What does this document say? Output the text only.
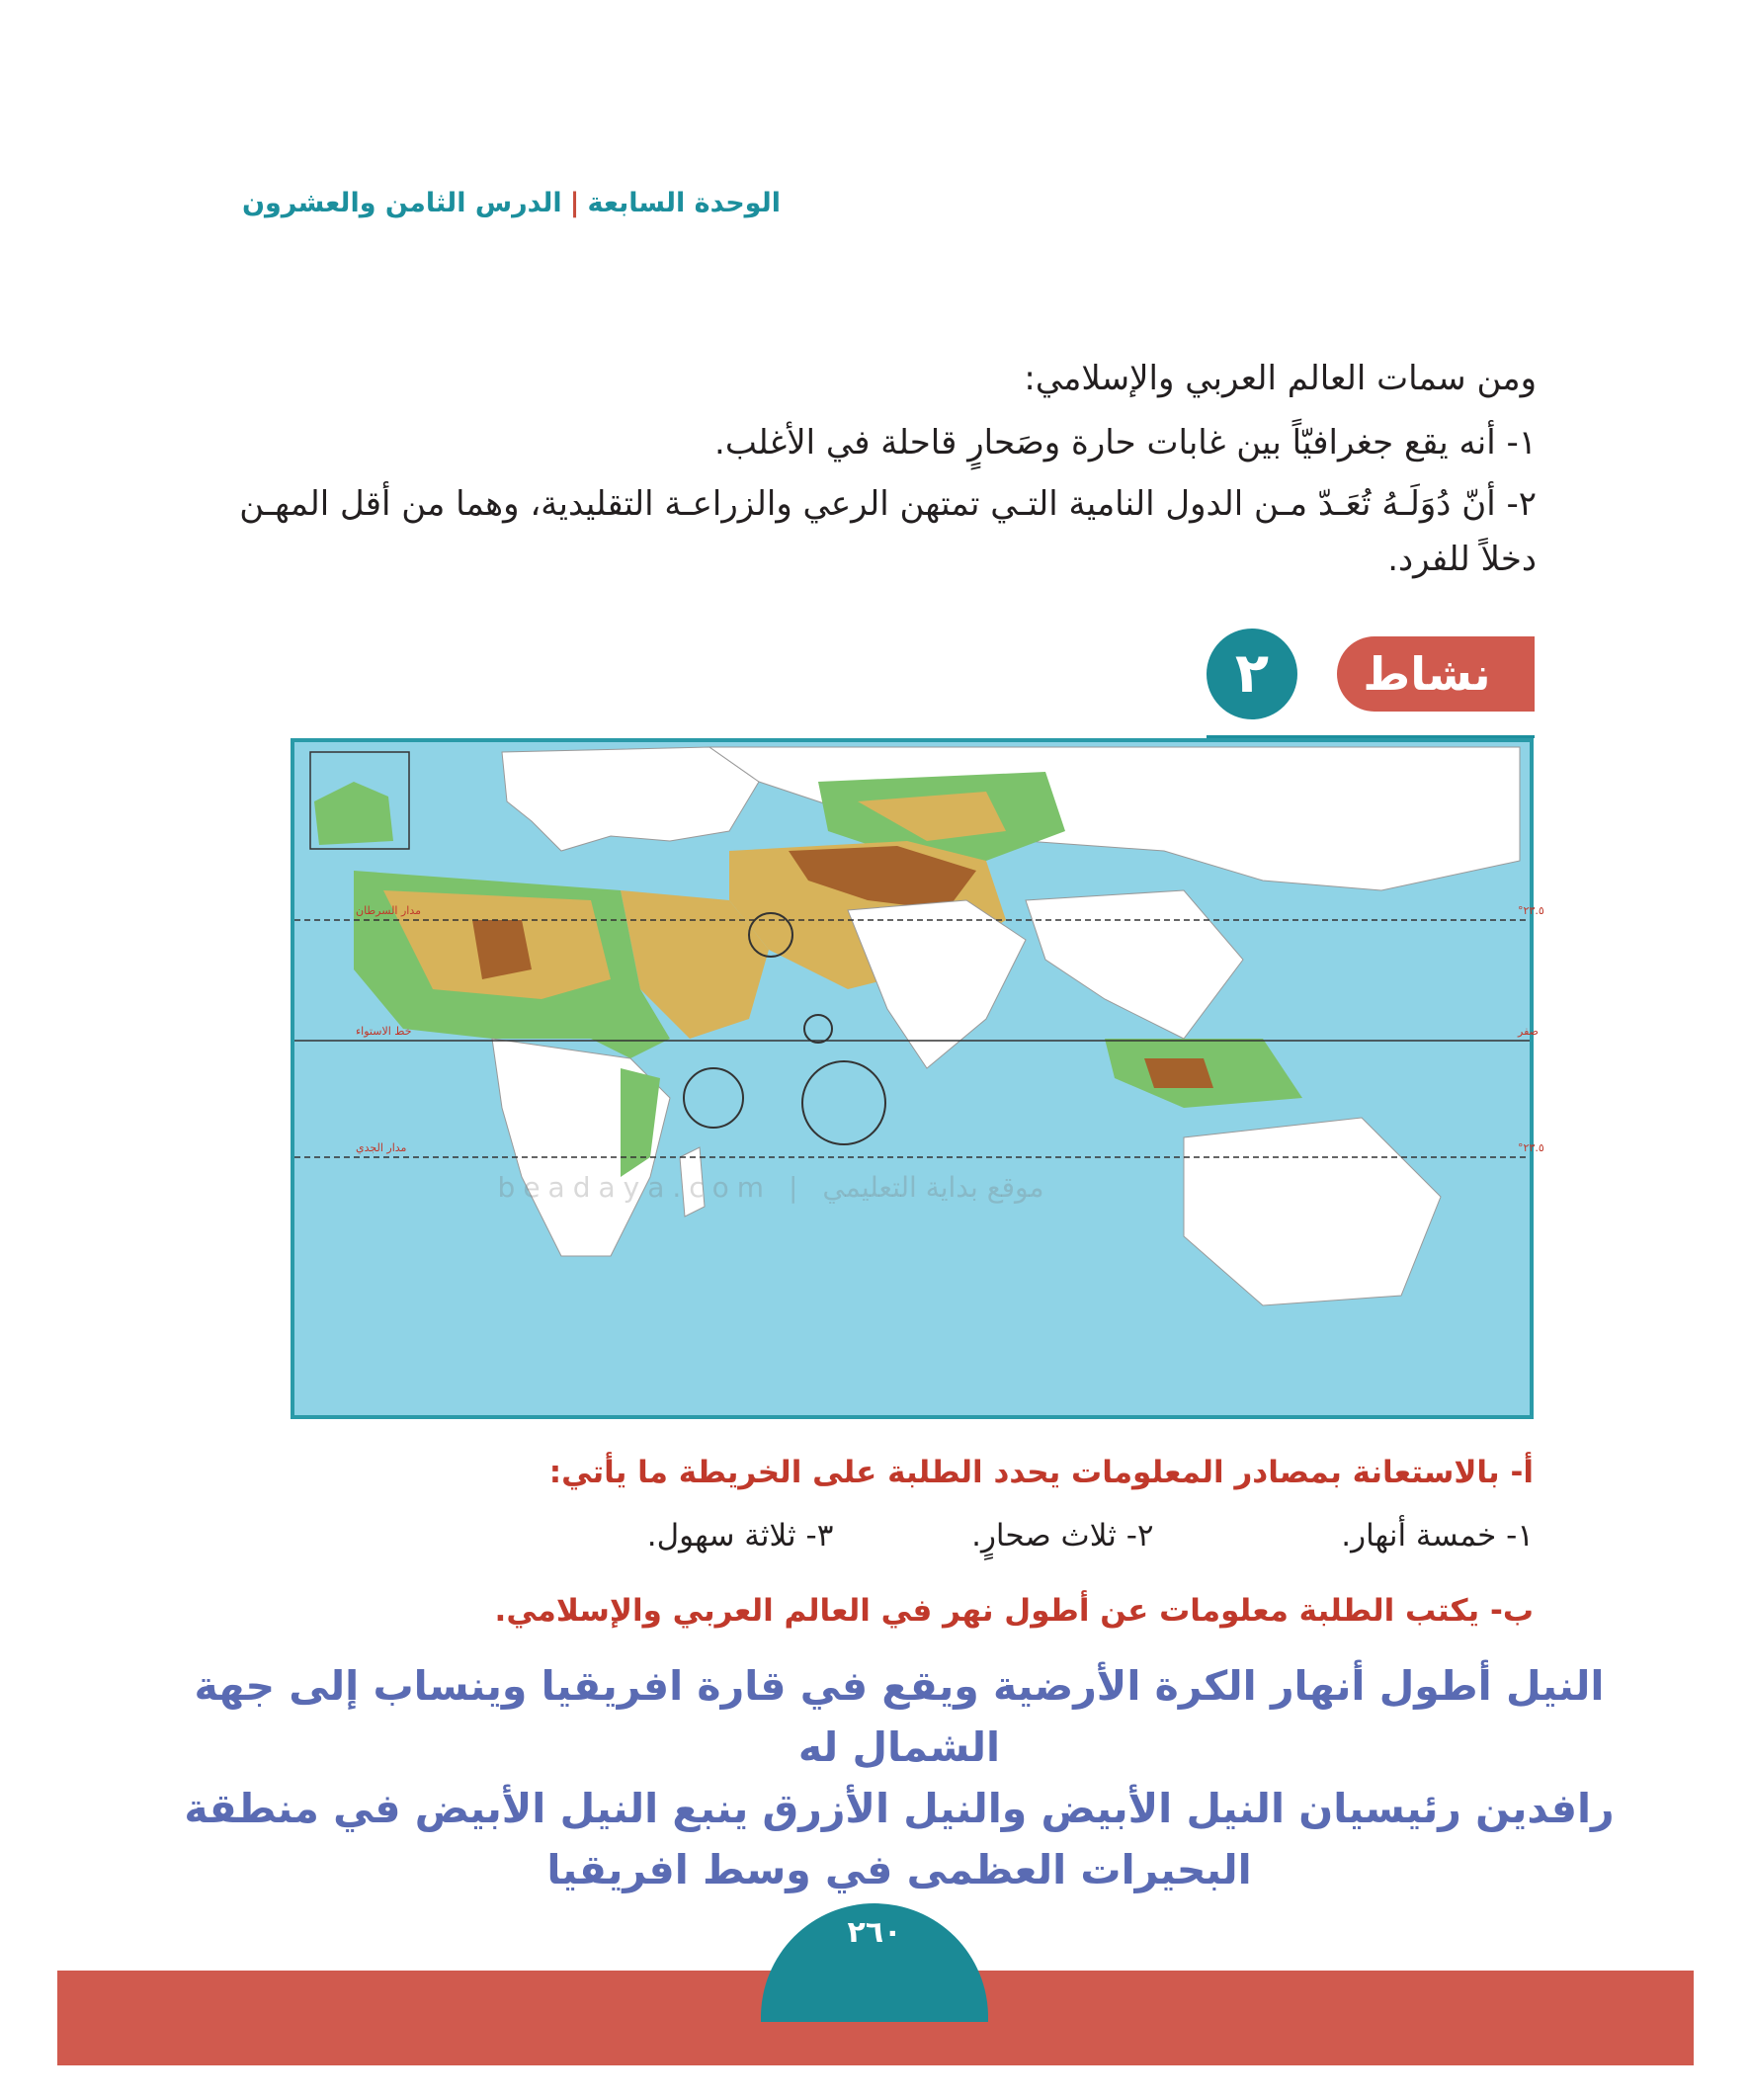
الوحدة السابعة|الدرس الثامن والعشرون
ومن سمات العالم العربي والإسلامي:
١- أنه يقع جغرافيّاً بين غابات حارة وصَحارٍ قاحلة في الأغلب.
٢- أنّ دُوَلَـهُ تُعَـدّ مـن الدول النامية التـي تمتهن الرعي والزراعـة التقليدية، وهما من أقل المهـن دخلاً للفرد.
نشاط
٢
مدار السرطان
خط الاستواء
مدار الجدي
٢٣.٥°
صفر
٢٣.٥°
beadaya.com | موقع بداية التعليمي
أ- بالاستعانة بمصادر المعلومات يحدد الطلبة على الخريطة ما يأتي:
١- خمسة أنهار.  ٢- ثلاث صحارٍ.  ٣- ثلاثة سهول.
ب- يكتب الطلبة معلومات عن أطول نهر في العالم العربي والإسلامي.
النيل أطول أنهار الكرة الأرضية ويقع في قارة افريقيا وينساب إلى جهة الشمال له
رافدين رئيسيان النيل الأبيض والنيل الأزرق ينبع النيل الأبيض في منطقة
البحيرات العظمى في وسط افريقيا
٢٦٠
